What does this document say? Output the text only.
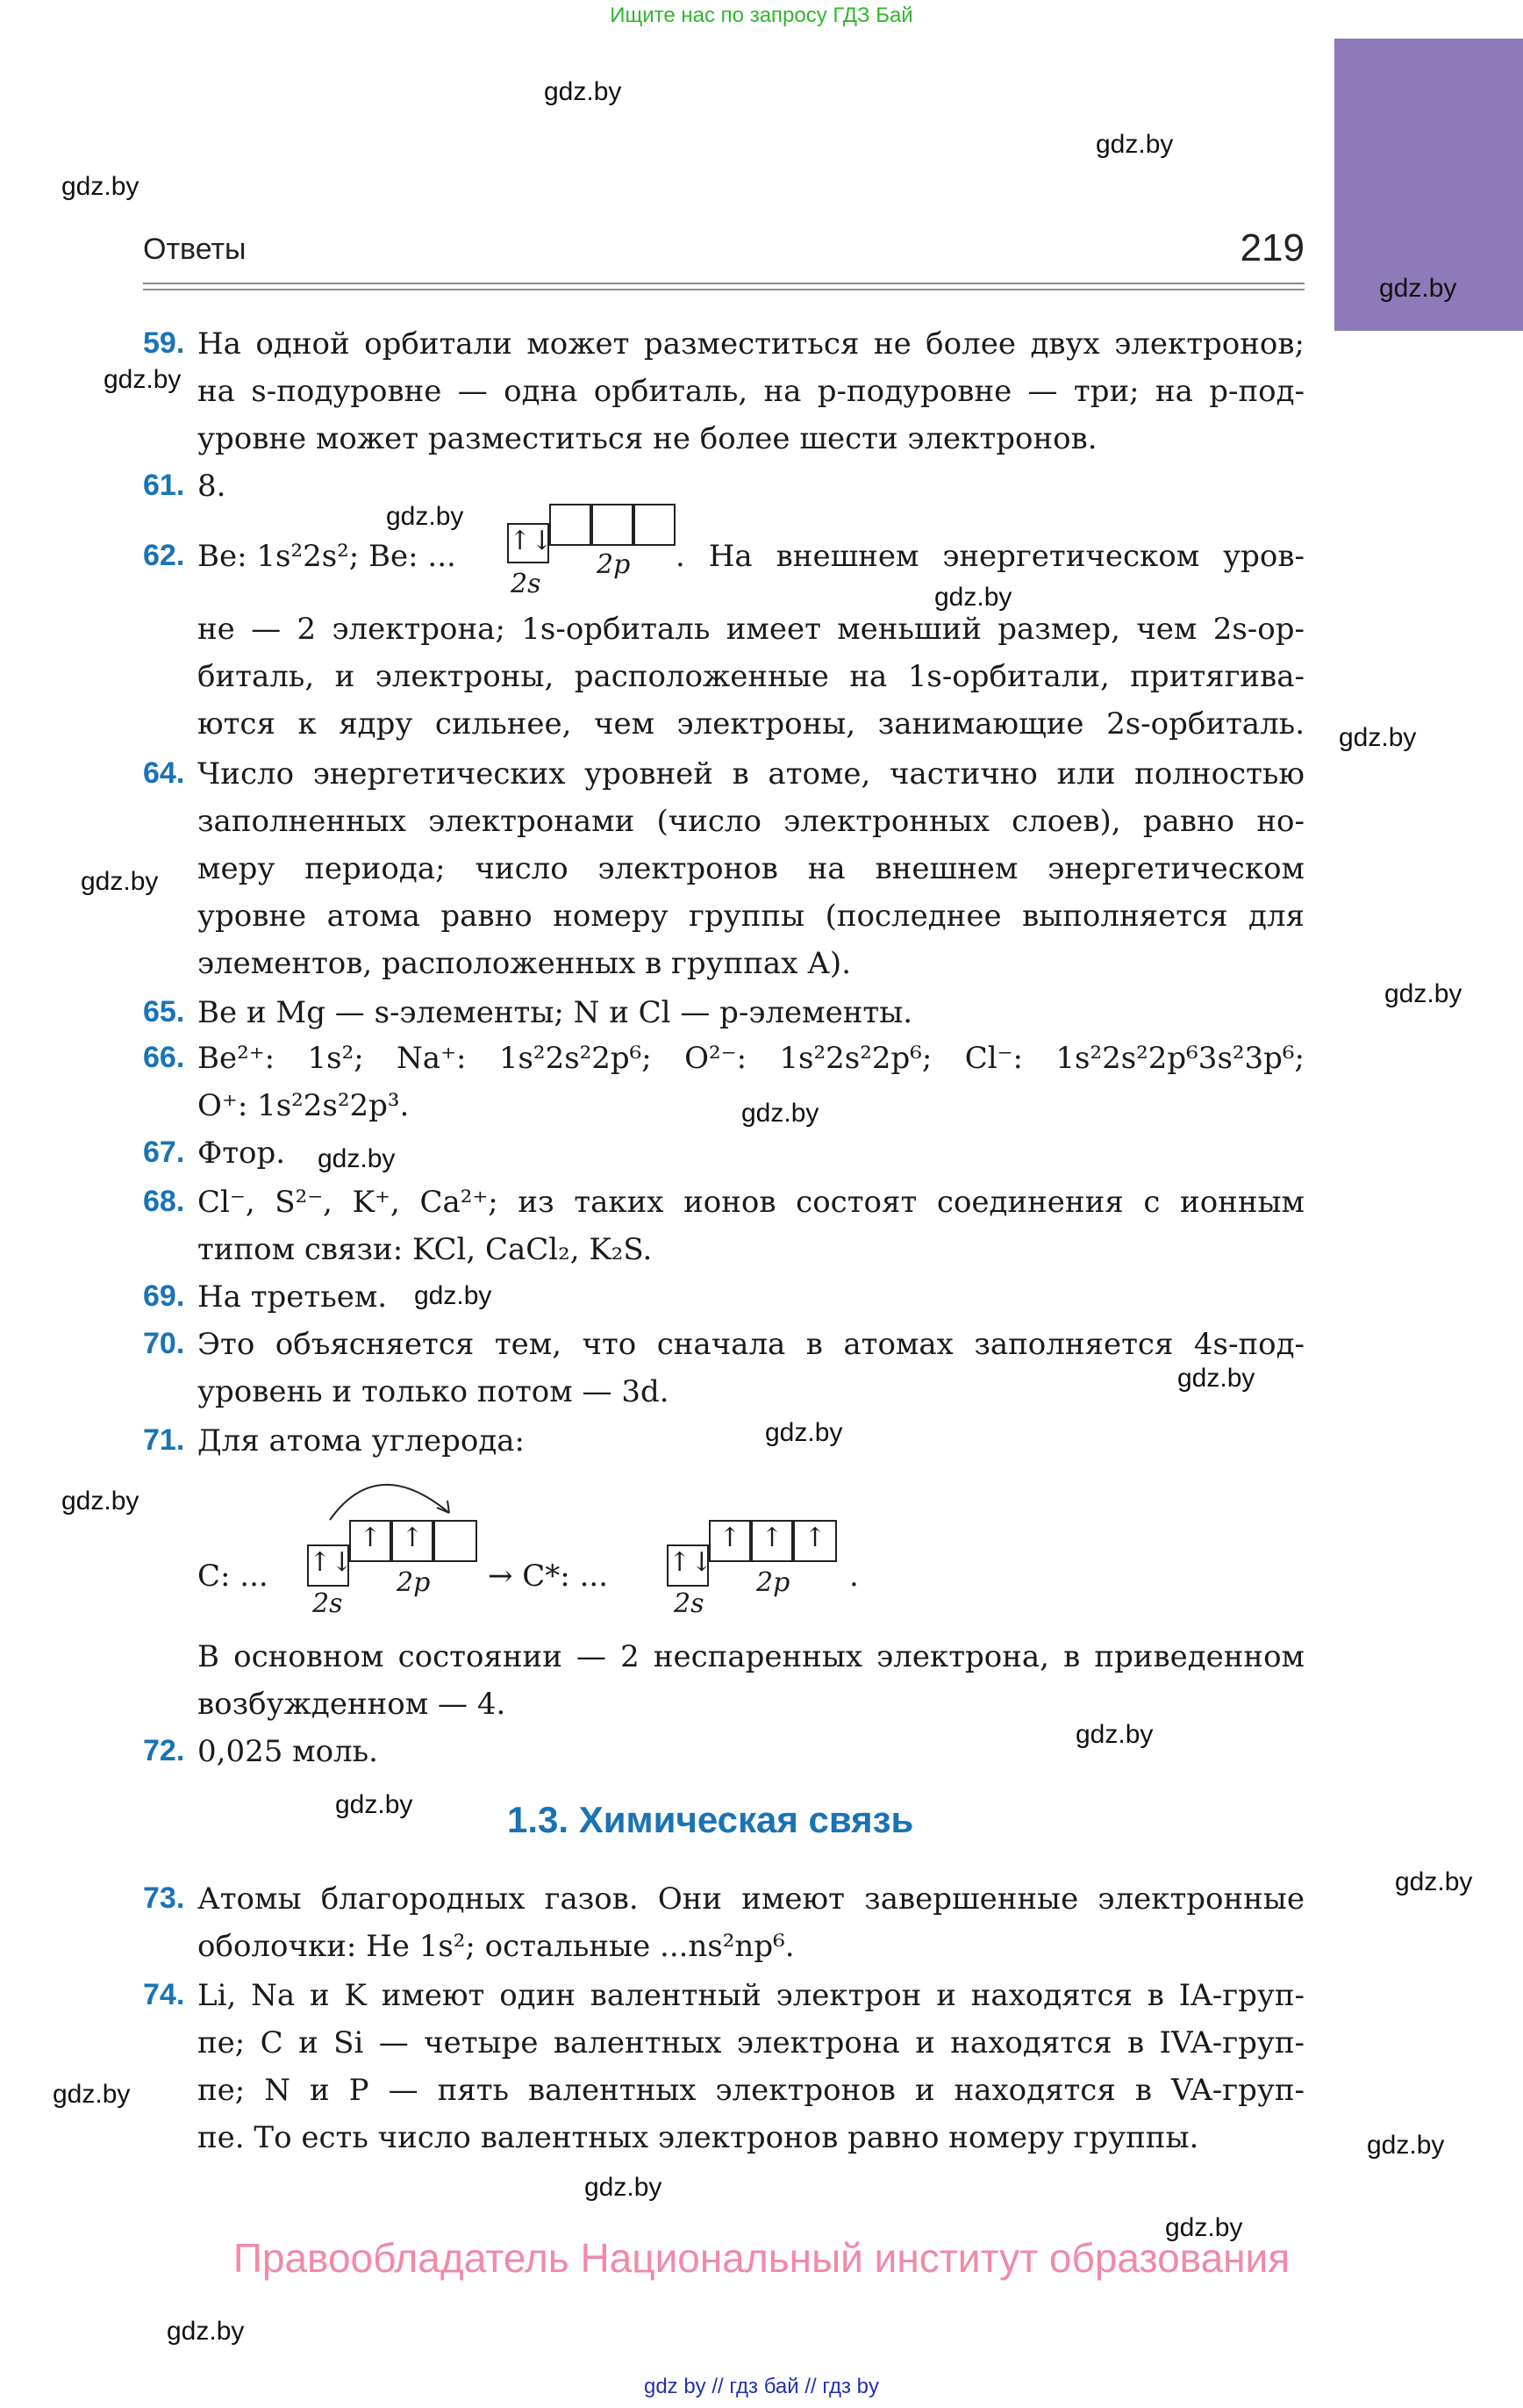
Ищите нас по запросу ГДЗ Бай
gdz.by
gdz.by
gdz.by
gdz.by
gdz.by
gdz.by
gdz.by
gdz.by
gdz.by
gdz.by
gdz.by
gdz.by
gdz.by
gdz.by
gdz.by
gdz.by
gdz.by
gdz.by
gdz.by
gdz.by
gdz.by
gdz.by
gdz.by
gdz.by
Ответы	219
59. На одной орбитали может разместиться не более двух электронов;
на s-подуровне — одна орбиталь, на p-подуровне — три; на p-под-
уровне может разместиться не более шести электронов.
61. 8.
62. Be: 1s²2s²; Be: ... ↑↓
2s
2p . На внешнем энергетическом уров-
не — 2 электрона; 1s-орбиталь имеет меньший размер, чем 2s-ор-
биталь, и электроны, расположенные на 1s-орбитали, притягива-
ются к ядру сильнее, чем электроны, занимающие 2s-орбиталь.
64. Число энергетических уровней в атоме, частично или полностью
заполненных электронами (число электронных слоев), равно но-
меру периода; число электронов на внешнем энергетическом
уровне атома равно номеру группы (последнее выполняется для
элементов, расположенных в группах А).
65. Be и Mg — s-элементы; N и Cl — p-элементы.
66. Be²⁺: 1s²; Na⁺: 1s²2s²2p⁶; O²⁻: 1s²2s²2p⁶; Cl⁻: 1s²2s²2p⁶3s²3p⁶;
O⁺: 1s²2s²2p³.
67. Фтор.
68. Cl⁻, S²⁻, K⁺, Ca²⁺; из таких ионов состоят соединения с ионным
типом связи: KCl, CaCl₂, K₂S.
69. На третьем.
70. Это объясняется тем, что сначала в атомах заполняется 4s-под-
уровень и только потом — 3d.
71. Для атома углерода:
C: ... ↑↓
↑ ↑
2s
2p → C*: ... ↑↓
↑ ↑ ↑
2s
2p .
В основном состоянии — 2 неспаренных электрона, в приведенном
возбужденном — 4.
72. 0,025 моль.
1.3. Химическая связь
73. Атомы благородных газов. Они имеют завершенные электронные
оболочки: He 1s²; остальные ...ns²np⁶.
74. Li, Na и K имеют один валентный электрон и находятся в IA-груп-
пе; C и Si — четыре валентных электрона и находятся в IVA-груп-
пе; N и P — пять валентных электронов и находятся в VA-груп-
пе. То есть число валентных электронов равно номеру группы.
Правообладатель Национальный институт образования
gdz by // гдз бай // гдз by
